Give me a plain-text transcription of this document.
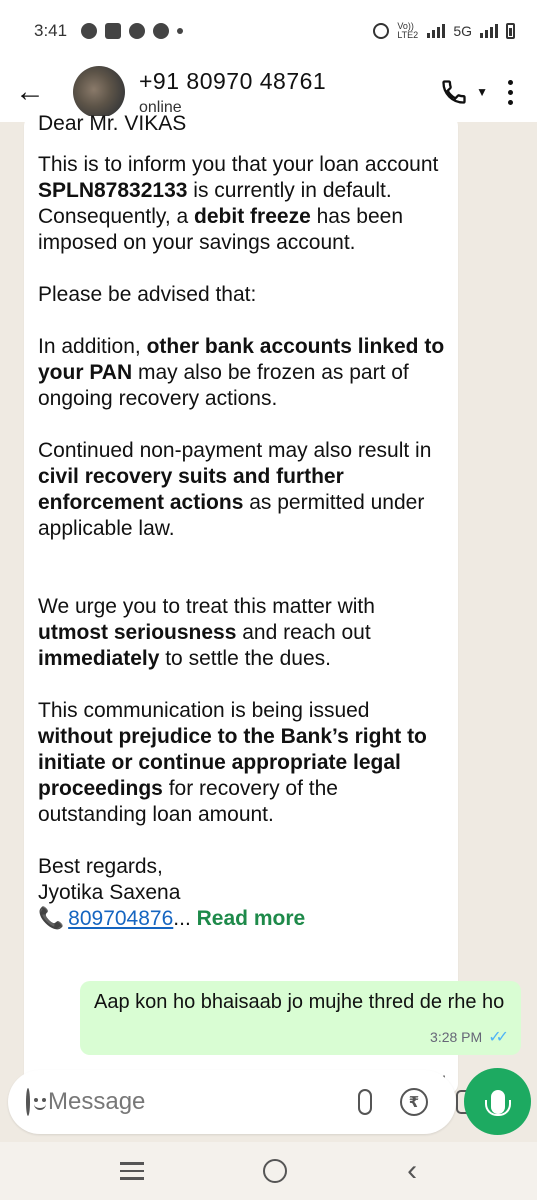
3:41	Vo)) LTE2	5G
←	+91 80970 48761
online
▼
Dear Mr. VIKAS

This is to inform you that your loan account SPLN87832133 is currently in default. Consequently, a debit freeze has been imposed on your savings account.

Please be advised that:

In addition, other bank accounts linked to your PAN may also be frozen as part of ongoing recovery actions.

Continued non-payment may also result in civil recovery suits and further enforcement actions as permitted under applicable law.

We urge you to treat this matter with utmost seriousness and reach out immediately to settle the dues.

This communication is being issued without prejudice to the Bank’s right to initiate or continue appropriate legal proceedings for recovery of the outstanding loan amount.

Best regards,
Jyotika Saxena

📞 809704876... Read more
Aap kon ho bhaisaab jo mujhe thred de rhe ho
3:28 PM ✓✓
Message
₹
‹
